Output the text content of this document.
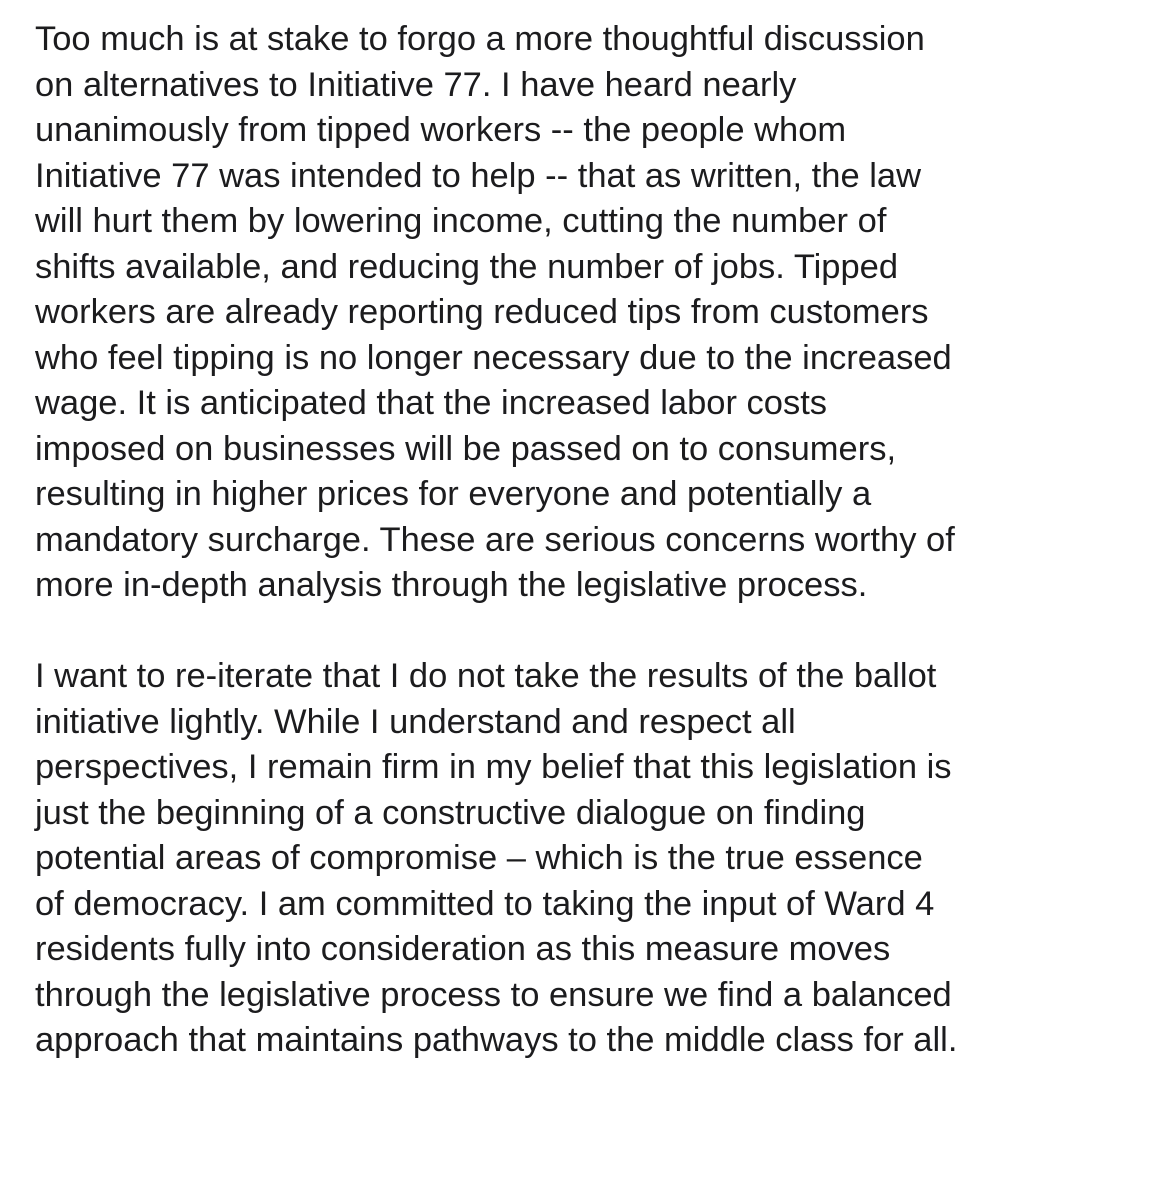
Too much is at stake to forgo a more thoughtful discussion
on alternatives to Initiative 77. I have heard nearly
unanimously from tipped workers -- the people whom
Initiative 77 was intended to help -- that as written, the law
will hurt them by lowering income, cutting the number of
shifts available, and reducing the number of jobs. Tipped
workers are already reporting reduced tips from customers
who feel tipping is no longer necessary due to the increased
wage. It is anticipated that the increased labor costs
imposed on businesses will be passed on to consumers,
resulting in higher prices for everyone and potentially a
mandatory surcharge. These are serious concerns worthy of
more in-depth analysis through the legislative process.

I want to re-iterate that I do not take the results of the ballot
initiative lightly. While I understand and respect all
perspectives, I remain firm in my belief that this legislation is
just the beginning of a constructive dialogue on finding
potential areas of compromise – which is the true essence
of democracy. I am committed to taking the input of Ward 4
residents fully into consideration as this measure moves
through the legislative process to ensure we find a balanced
approach that maintains pathways to the middle class for all.
